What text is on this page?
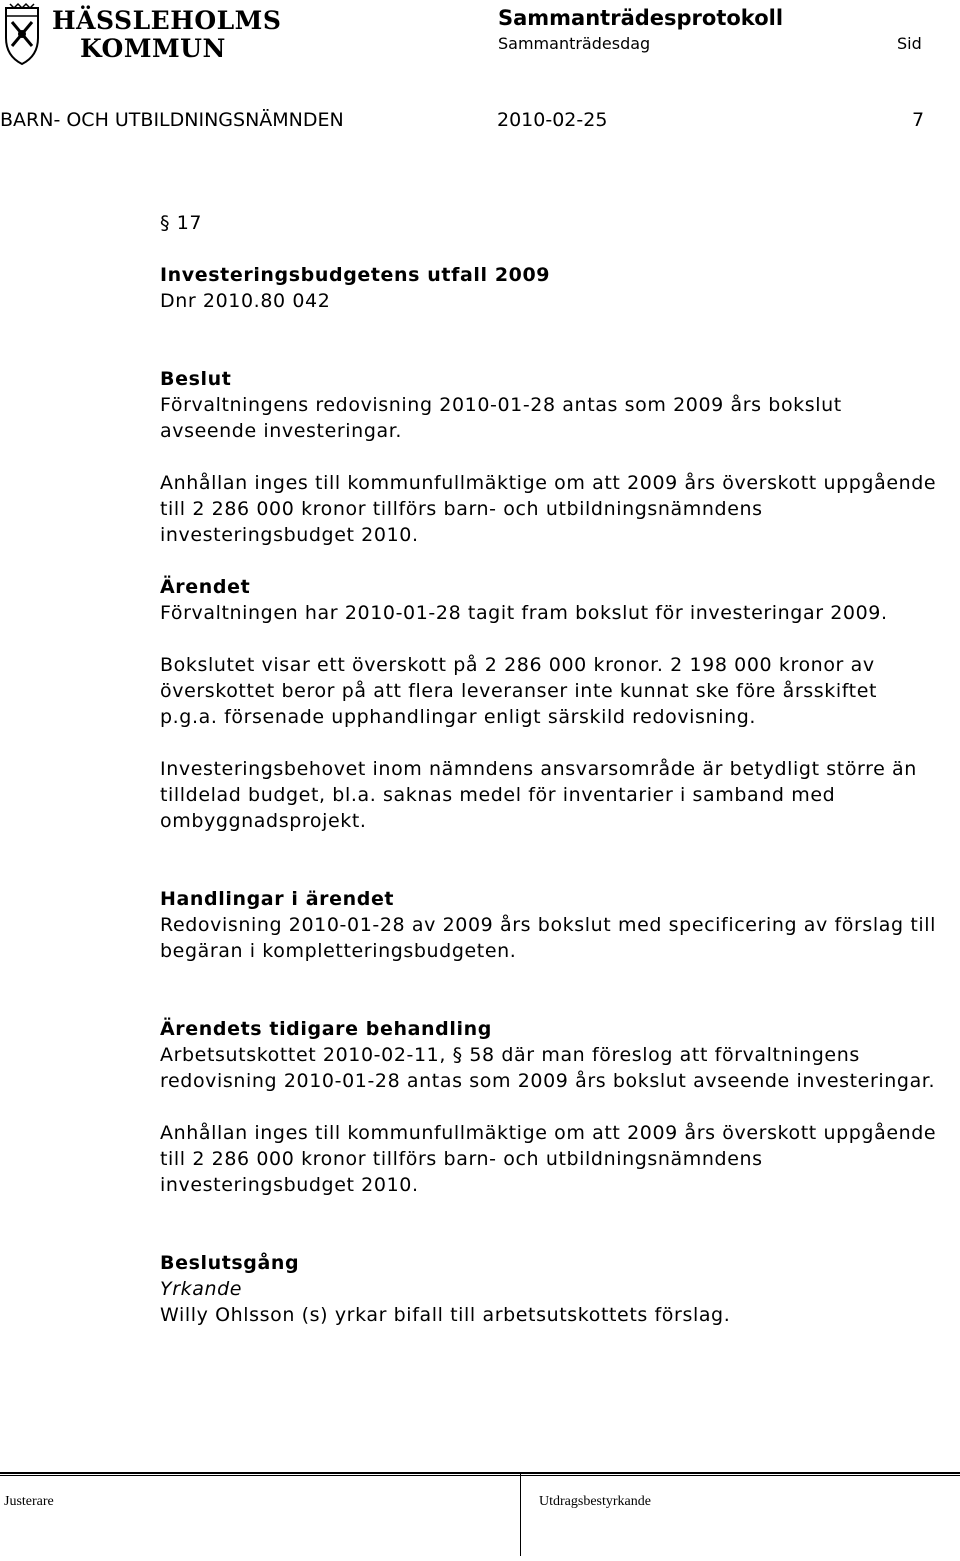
HÄSSLEHOLMS
KOMMUN
Sammanträdesprotokoll
Sammanträdesdag	Sid
BARN- OCH UTBILDNINGSNÄMNDEN	2010-02-25	7

§ 17

Investeringsbudgetens utfall 2009

Dnr 2010.80 042

Beslut

Förvaltningens redovisning 2010-01-28 antas som 2009 års bokslut avseende investeringar.

Anhållan inges till kommunfullmäktige om att 2009 års överskott uppgående till 2 286 000 kronor tillförs barn- och utbildningsnämndens investeringsbudget 2010.

Ärendet

Förvaltningen har 2010-01-28 tagit fram bokslut för investeringar 2009.

Bokslutet visar ett överskott på 2 286 000 kronor. 2 198 000 kronor av överskottet beror på att flera leveranser inte kunnat ske före årsskiftet p.g.a. försenade upphandlingar enligt särskild redovisning.

Investeringsbehovet inom nämndens ansvarsområde är betydligt större än tilldelad budget, bl.a. saknas medel för inventarier i samband med ombyggnadsprojekt.

Handlingar i ärendet

Redovisning 2010-01-28 av 2009 års bokslut med specificering av förslag till begäran i kompletteringsbudgeten.

Ärendets tidigare behandling

Arbetsutskottet 2010-02-11, § 58 där man föreslog att förvaltningens redovisning 2010-01-28 antas som 2009 års bokslut avseende investeringar.

Anhållan inges till kommunfullmäktige om att 2009 års överskott uppgående till 2 286 000 kronor tillförs barn- och utbildningsnämndens investeringsbudget 2010.

Beslutsgång

Yrkande

Willy Ohlsson (s) yrkar bifall till arbetsutskottets förslag.

Justerare	Utdragsbestyrkande
